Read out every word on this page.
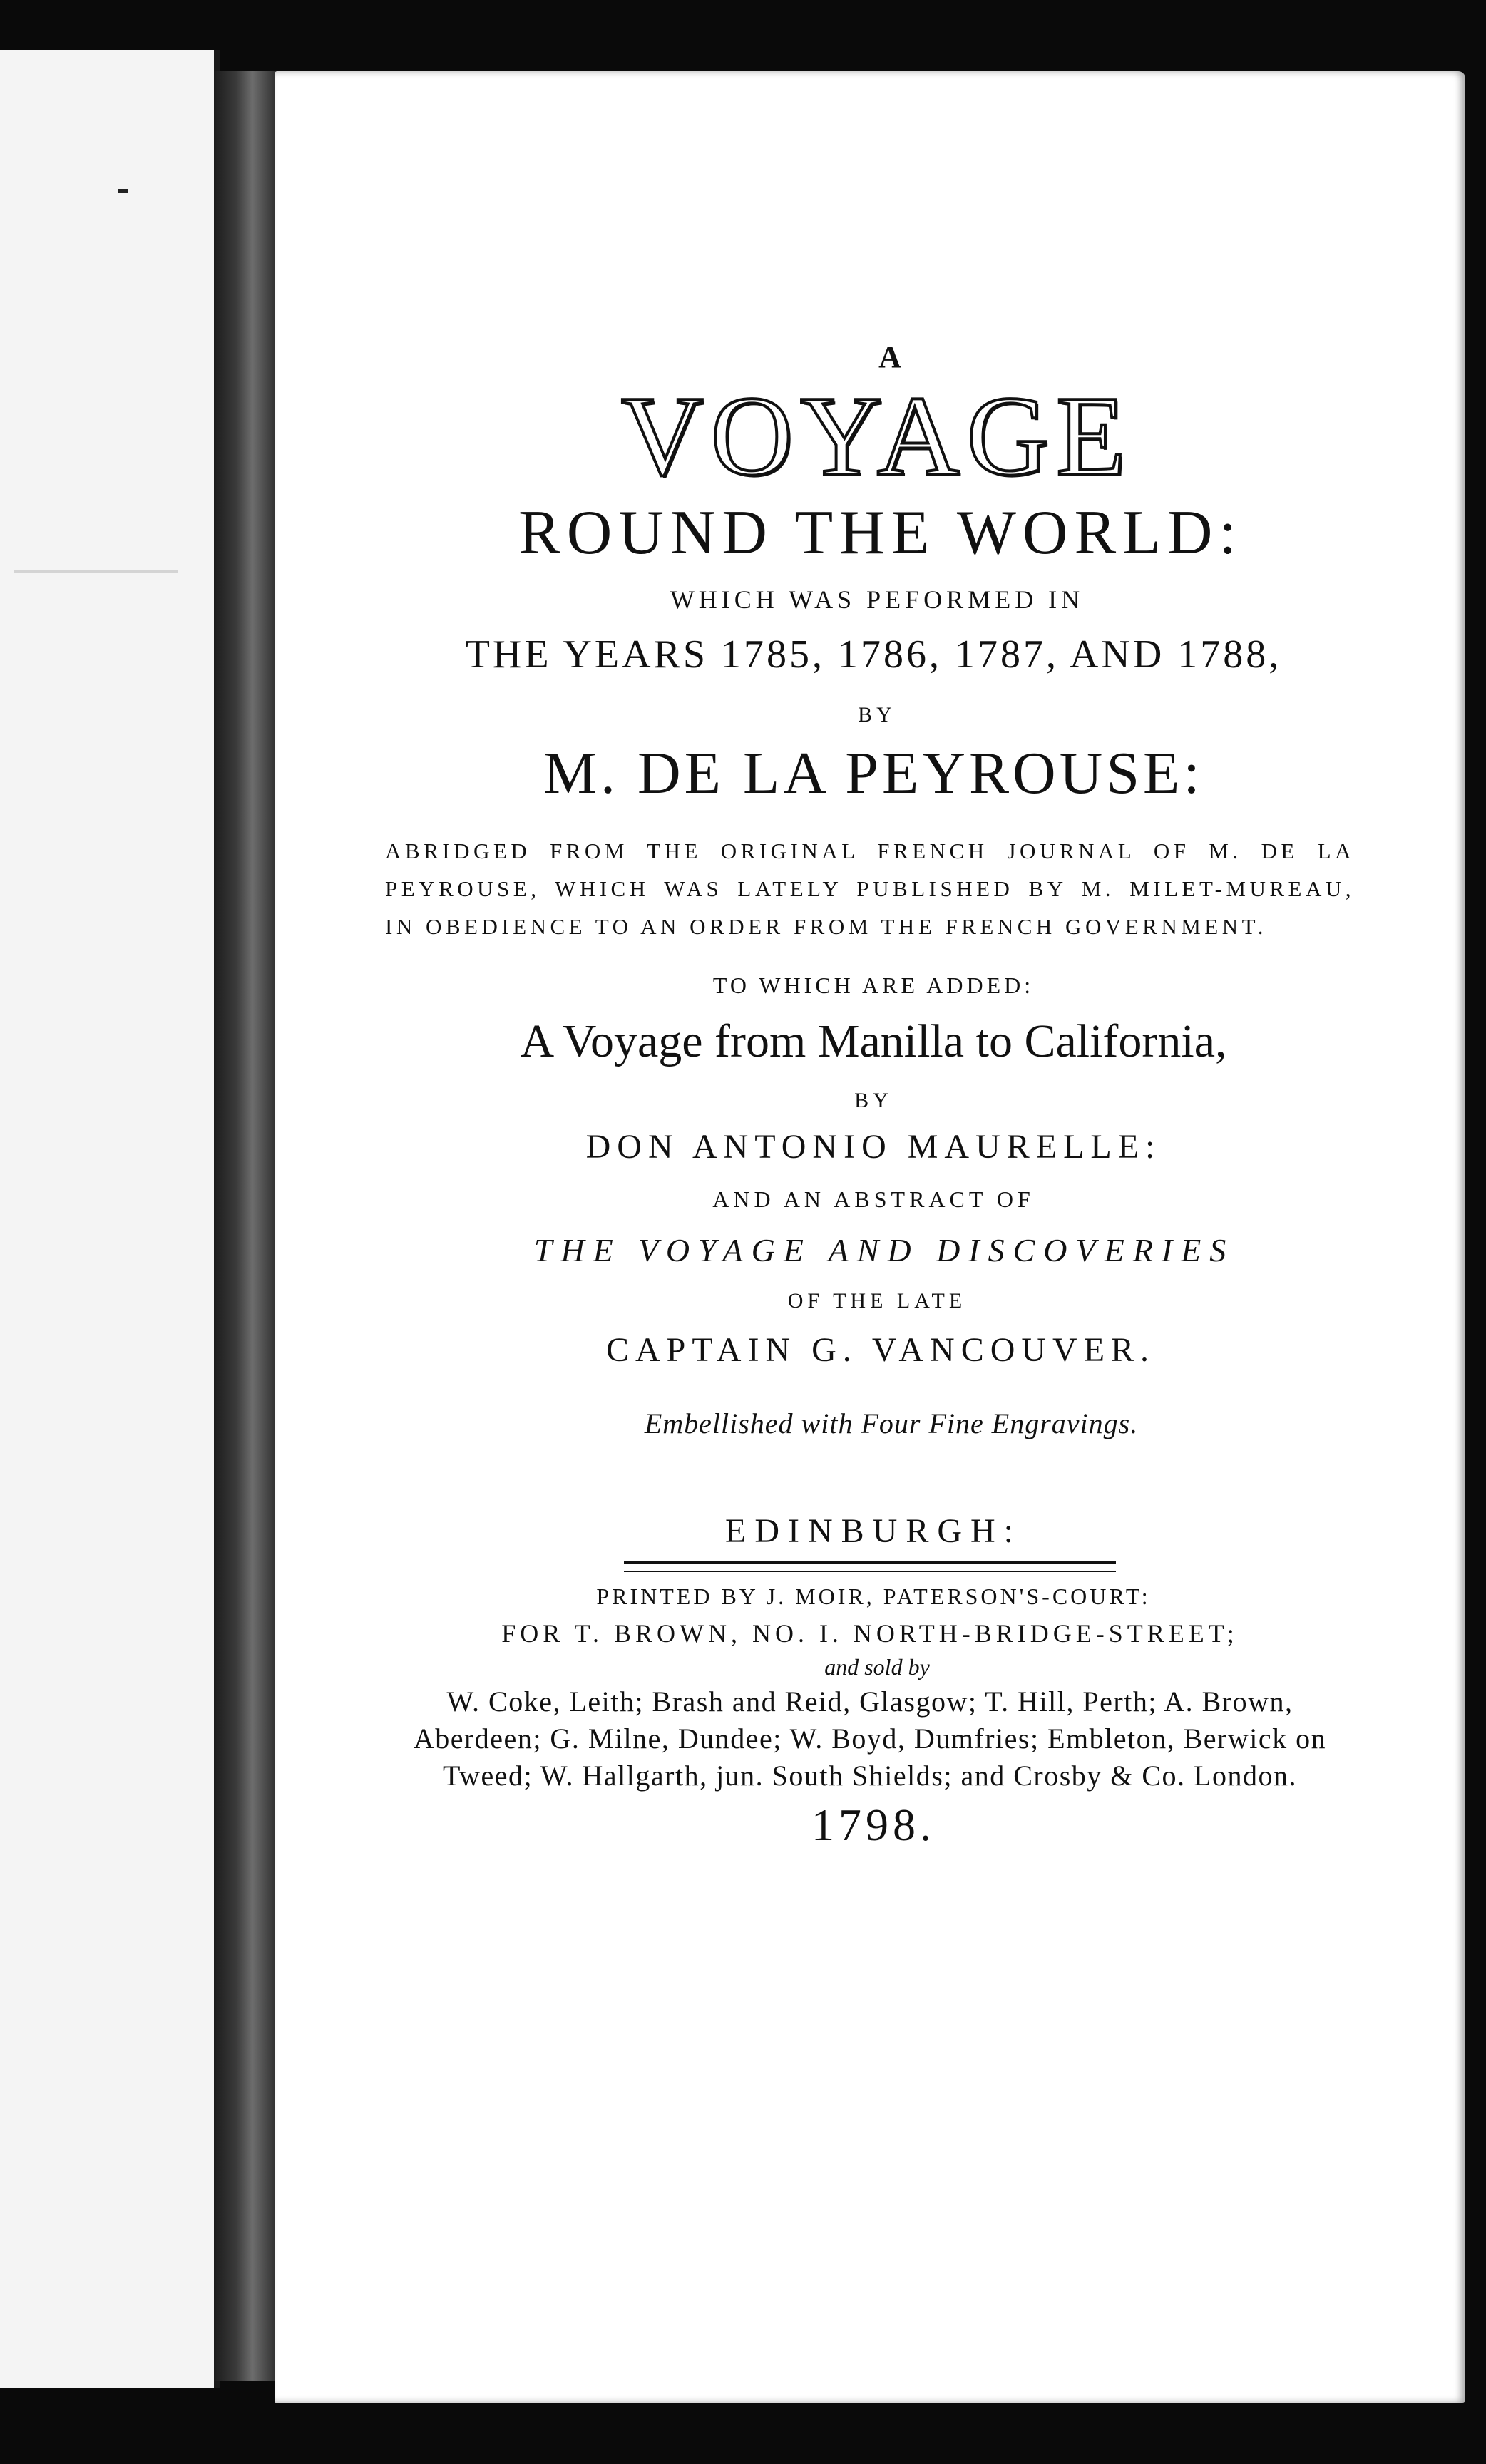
A

VOYAGE

ROUND THE WORLD:

WHICH WAS PEFORMED IN

THE YEARS 1785, 1786, 1787, AND 1788,

BY

M. DE LA PEYROUSE:

ABRIDGED FROM THE ORIGINAL FRENCH JOURNAL OF M. DE LA PEYROUSE, WHICH WAS LATELY PUBLISHED BY M. MILET-MUREAU, IN OBEDIENCE TO AN ORDER FROM THE FRENCH GOVERNMENT.

TO WHICH ARE ADDED:

A Voyage from Manilla to California,

BY

DON ANTONIO MAURELLE:

AND AN ABSTRACT OF

THE VOYAGE AND DISCOVERIES

OF THE LATE

CAPTAIN G. VANCOUVER.

Embellished with Four Fine Engravings.

EDINBURGH:

PRINTED BY J. MOIR, PATERSON'S-COURT:

FOR T. BROWN, NO. I. NORTH-BRIDGE-STREET;

and sold by

W. Coke, Leith; Brash and Reid, Glasgow; T. Hill, Perth; A. Brown, Aberdeen; G. Milne, Dundee; W. Boyd, Dumfries; Embleton, Berwick on Tweed; W. Hallgarth, jun. South Shields; and Crosby & Co. London.

1798.
